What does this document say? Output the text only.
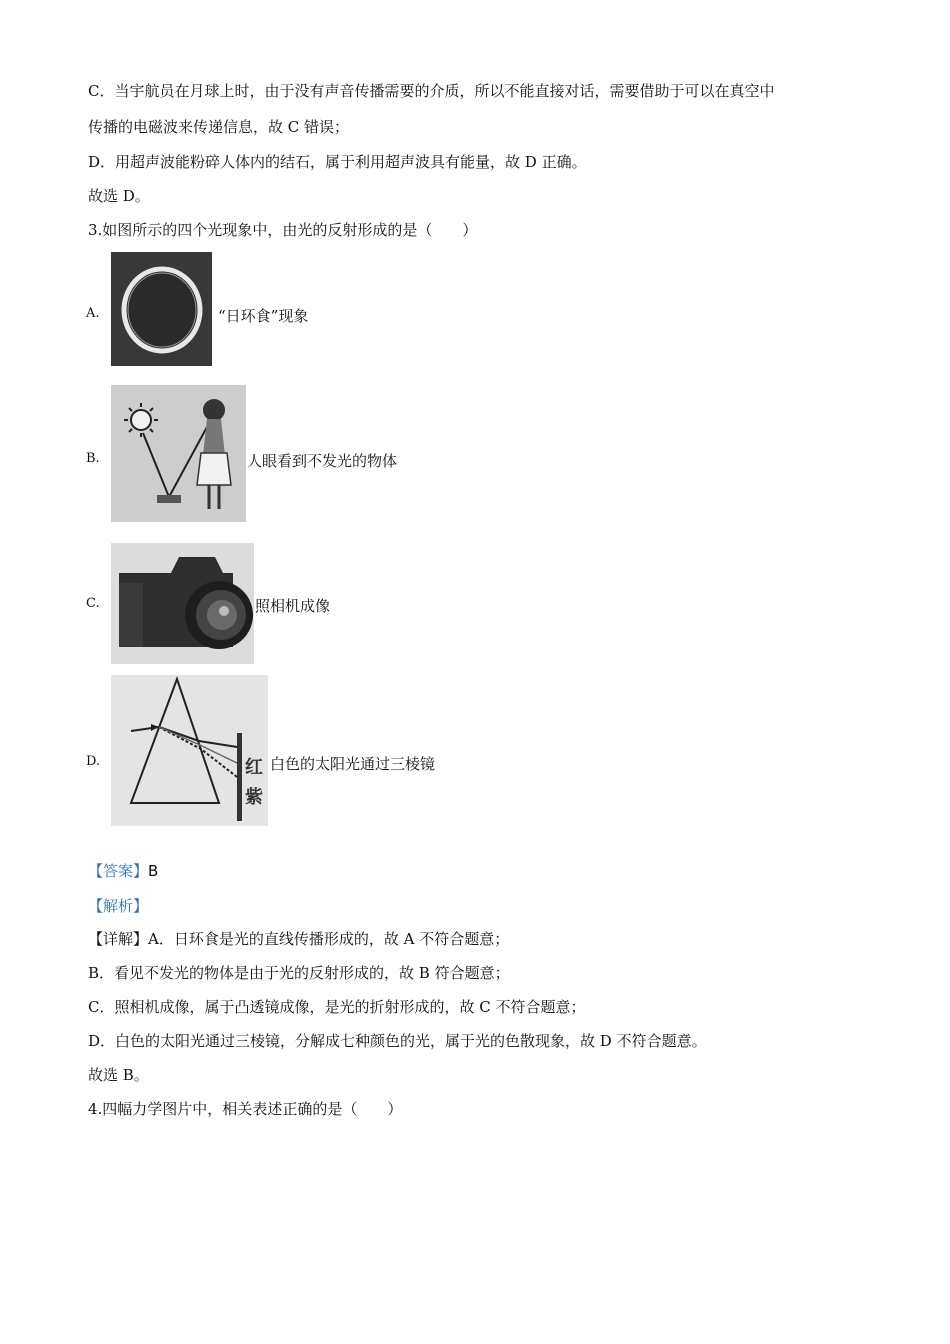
C．当宇航员在月球上时，由于没有声音传播需要的介质，所以不能直接对话，需要借助于可以在真空中
传播的电磁波来传递信息，故 C 错误；
D．用超声波能粉碎人体内的结石，属于利用超声波具有能量，故 D 正确。
故选 D。
3.如图所示的四个光现象中，由光的反射形成的是（　　）
A.	“日环食”现象
B.	人眼看到不发光的物体
C.	照相机成像
D.	红
紫
白色的太阳光通过三棱镜
【答案】B
【解析】
【详解】A．日环食是光的直线传播形成的，故 A 不符合题意；
B．看见不发光的物体是由于光的反射形成的，故 B 符合题意；
C．照相机成像，属于凸透镜成像，是光的折射形成的，故 C 不符合题意；
D．白色的太阳光通过三棱镜，分解成七种颜色的光，属于光的色散现象，故 D 不符合题意。
故选 B。
4.四幅力学图片中，相关表述正确的是（　　）
